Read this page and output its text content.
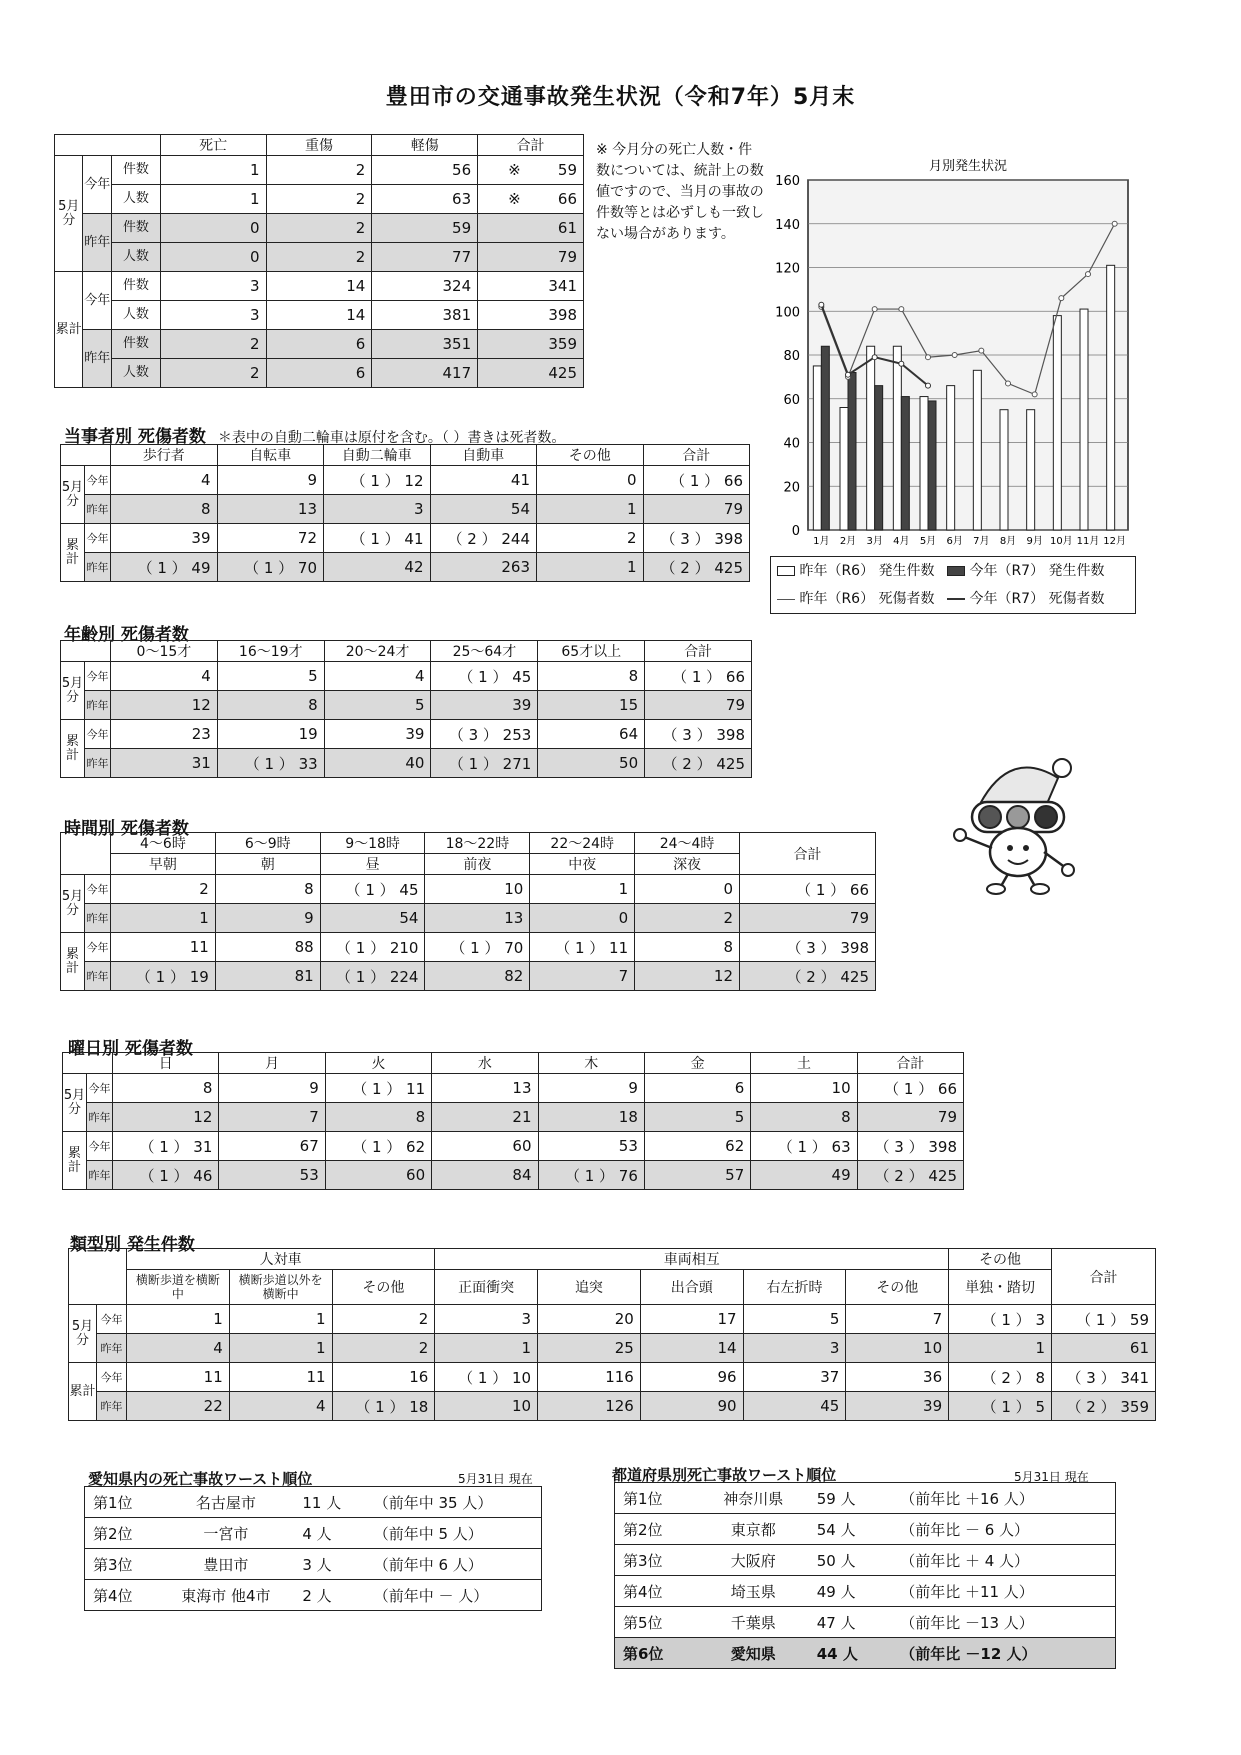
豊田市の交通事故発生状況（令和7年）5月末
			死亡	重傷	軽傷	合計
5月分	今年	件数	1	2	56	※ 59
		人数	1	2	63	※ 66
	昨年	件数	0	2	59	61
		人数	0	2	77	79
累計	今年	件数	3	14	324	341
		人数	3	14	381	398
	昨年	件数	2	6	351	359
		人数	2	6	417	425
※ 今月分の死亡人数・件数については、統計上の数値ですので、当月の事故の件数等とは必ずしも一致しない場合があります。
月別発生状況
0
20
40
60
80
100
120
140
160
1月 2月 3月 4月 5月 6月 7月 8月 9月 10月 11月 12月
昨年（R6） 発生件数 今年（R7） 発生件数
昨年（R6） 死傷者数 今年（R7） 死傷者数
当事者別 死傷者数 ＊表中の自動二輪車は原付を含む。（ ）書きは死者数。
		歩行者	自転車	自動二輪車	自動車	その他	合計
5月分	今年	4	9	（ 1 ） 12	41	0	（ 1 ） 66
	昨年	8	13	3	54	1	79
累計	今年	39	72	（ 1 ） 41	（ 2 ） 244	2	（ 3 ） 398
	昨年	（ 1 ） 49	（ 1 ） 70	42	263	1	（ 2 ） 425
年齢別 死傷者数
		0～15才	16～19才	20～24才	25～64才	65才以上	合計
5月分	今年	4	5	4	（ 1 ） 45	8	（ 1 ） 66
	昨年	12	8	5	39	15	79
累計	今年	23	19	39	（ 3 ） 253	64	（ 3 ） 398
	昨年	31	（ 1 ） 33	40	（ 1 ） 271	50	（ 2 ） 425
時間別 死傷者数
		4～6時	6～9時	9～18時	18～22時	22～24時	24～4時	合計
		早朝	朝	昼	前夜	中夜	深夜	
5月分	今年	2	8	（ 1 ） 45	10	1	0	（ 1 ） 66
	昨年	1	9	54	13	0	2	79
累計	今年	11	88	（ 1 ） 210	（ 1 ） 70	（ 1 ） 11	8	（ 3 ） 398
	昨年	（ 1 ） 19	81	（ 1 ） 224	82	7	12	（ 2 ） 425
曜日別 死傷者数
		日	月	火	水	木	金	土	合計
5月分	今年	8	9	（ 1 ） 11	13	9	6	10	（ 1 ） 66
	昨年	12	7	8	21	18	5	8	79
累計	今年	（ 1 ） 31	67	（ 1 ） 62	60	53	62	（ 1 ） 63	（ 3 ） 398
	昨年	（ 1 ） 46	53	60	84	（ 1 ） 76	57	49	（ 2 ） 425
類型別 発生件数
		人対車			車両相互					その他	合計
		横断歩道を横断中	横断歩道以外を横断中	その他	正面衝突	追突	出合頭	右左折時	その他	単独・踏切	
5月分	今年	1	1	2	3	20	17	5	7	（ 1 ） 3	（ 1 ） 59
	昨年	4	1	2	1	25	14	3	10	1	61
累計	今年	11	11	16	（ 1 ） 10	116	96	37	36	（ 2 ） 8	（ 3 ） 341
	昨年	22	4	（ 1 ） 18	10	126	90	45	39	（ 1 ） 5	（ 2 ） 359
愛知県内の死亡事故ワースト順位	5月31日 現在
第1位	名古屋市	11 人	（前年中 35 人）
第2位	一宮市	4 人	（前年中 5 人）
第3位	豊田市	3 人	（前年中 6 人）
第4位	東海市 他4市	2 人	（前年中 － 人）
都道府県別死亡事故ワースト順位	5月31日 現在
第1位	神奈川県	59 人	（前年比 ＋16 人）
第2位	東京都	54 人	（前年比 － 6 人）
第3位	大阪府	50 人	（前年比 ＋ 4 人）
第4位	埼玉県	49 人	（前年比 ＋11 人）
第5位	千葉県	47 人	（前年比 －13 人）
第6位	愛知県	44 人	（前年比 －12 人）
